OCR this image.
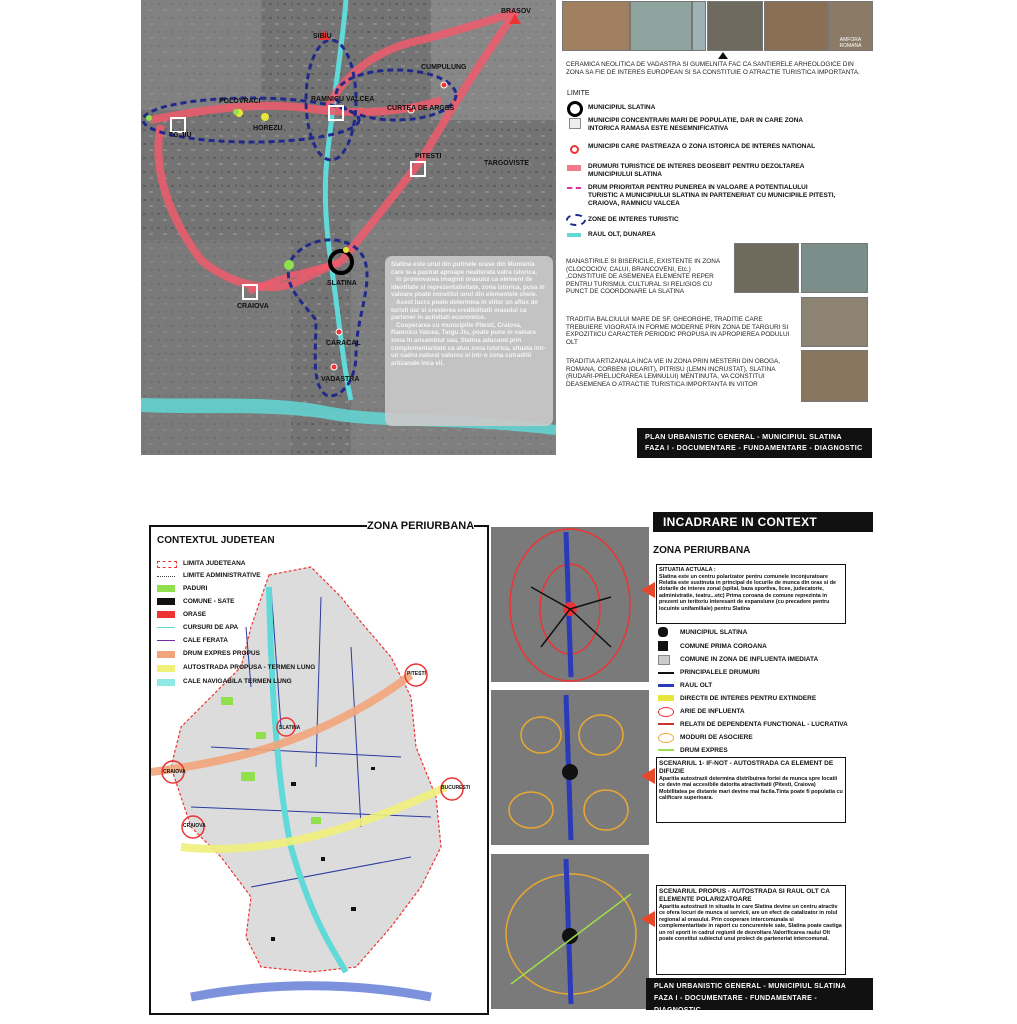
SIBIU
BRASOV
CUMPULUNG
RAMNICU VALCEA
CURTEA DE ARGES
POLOVRACI
HOREZU
TG.JIU
PITESTI
TARGOVISTE
SLATINA
CRAIOVA
CARACAL
VADASTRA
Slatina este unul din putinele orase din Muntenia care si-a pastrat aproape nealterata vatra istorica.
In promovarea imaginii orasului ca element de identitate si reprezentativitate, zona istorica, pusa in valoare poate constitui unul din elementele cheie.
Acest lucru poate determina in viitor un aflux de turisti dar si cresterea credibilitatii orasului ca partener in activitati economice.
Cooperarea cu municipiile Pitesti, Craiova, Ramnicu Valcea, Targu Jiu, poate pune in valoare zona in ansamblul sau, Slatina aducand prin complementaritate ca atuu zona istorica, situata intr-un cadru natural valoros si intr-o zona cutraditii artizanale inca vii.
AMFORA ROMANA
CERAMICA NEOLITICA DE VADASTRA SI GUMELNITA FAC CA SANTIERELE ARHEOLOGICE DIN ZONA SA FIE DE INTERES EUROPEAN SI SA CONSTITUIE O ATRACTIE TURISTICA IMPORTANTA.
LIMITE
MUNICIPIUL SLATINA
MUNICIPII CONCENTRARI MARI DE POPULATIE, DAR IN CARE ZONA INTORICA RAMASA ESTE NESEMNIFICATIVA
MUNICIPII CARE PASTREAZA O ZONA ISTORICA DE INTERES NATIONAL
DRUMURI TURISTICE DE INTERES DEOSEBIT PENTRU DEZOLTAREA MUNICIPIULUI SLATINA
DRUM PRIORITAR PENTRU PUNEREA IN VALOARE A POTENTIALULUI TURISTIC A MUNICIPIULUI SLATINA IN PARTENERIAT CU MUNICIPIILE PITESTI, CRAIOVA, RAMNICU VALCEA
ZONE DE INTERES TURISTIC
RAUL OLT, DUNAREA
MANASTIRILE SI BISERICILE, EXISTENTE IN ZONA (CLOCOCIOV, CALUI, BRANCOVENI, Etc.) ,CONSTITUIE DE ASEMENEA ELEMENTE REPER PENTRU TURISMUL CULTURAL SI RELIGIOS CU PUNCT DE COORDONARE LA SLATINA
TRADITIA BALCIULUI MARE DE SF. GHEORGHE, TRADITIE CARE TREBUIERE VIGORATA IN FORME MODERNE PRIN ZONA DE TARGURI SI EXPOZITIICU CARACTER PERIODIC PROPUSA IN APROPIEREA PODULUI OLT
TRADITIA ARTIZANALA INCA VIE IN ZONA PRIN MESTERII DIN OBOGA, ROMANA, CORBENI (OLARIT), PITRISU (LEMN INCRUSTAT), SLATINA (RUDARI-PRELUCRAREA LEMNULUI) MENTINUTA, VA CONSTITUI DEASEMENEA O ATRACTIE TURISTICA IMPORTANTA IN VIITOR
PLAN URBANISTIC GENERAL - MUNICIPIUL SLATINA
FAZA I - DOCUMENTARE - FUNDAMENTARE - DIAGNOSTIC
CONTEXTUL JUDETEAN
LIMITA JUDETEANA
LIMITE ADMINISTRATIVE
PADURI
COMUNE - SATE
ORASE
CURSURI DE APA
CALE FERATA
DRUM EXPRES PROPUS
AUTOSTRADA PROPUSA - TERMEN LUNG
CALE NAVIGABILA TERMEN LUNG
PITESTI
CRAIOVA
BUCURESTI
CRAIOVA
SLATINA
ZONA PERIURBANA	INCADRARE IN CONTEXT
ZONA PERIURBANA
SITUATIA ACTUALA :
Slatina este un centru polarizator pentru comunele inconjuratoare Relatia este sustinuta in principal de locurile de munca din oras si de dotarile de interes zonal (spital, baza sportiva, licee, judecatorie, administratie, teatru...etc) Prima coroana de comune reprezinta in prezent un teritoriu interesant de expansiune (cu precadere pentru locuinte unifamiliale) pentru Slatina
MUNICIPIUL SLATINA
COMUNE PRIMA COROANA
COMUNE IN ZONA DE INFLUENTA IMEDIATA
PRINCIPALELE DRUMURI
RAUL OLT
DIRECTII DE INTERES PENTRU EXTINDERE
ARIE DE INFLUENTA
RELATII DE DEPENDENTA FUNCTIONAL - LUCRATIVA
MODURI DE ASOCIERE
DRUM EXPRES
SCENARIUL 1- IF-NOT - AUTOSTRADA CA ELEMENT DE DIFUZIE
Aparitia autostrazii determina distribuirea fortei de munca spre locatii ce devin mai accesibile datorita atractivitatii (Pitesti, Craiova) Mobilitatea pe distante mari devine mai facila.Tinta poate fi populatia cu calificare superioara.
SCENARIUL PROPUS - AUTOSTRADA SI RAUL OLT CA ELEMENTE POLARIZATOARE
Aparitia autostrazii in situatia in care Slatina devine un centru atractiv ce ofera locuri de munca si servicii, are un efect de catalizator in rolul regional al orasului. Prin cooperare intercomunala si complementaritate in raport cu concurentele sale, Slatina poate castiga un rol sporit in cadrul regiunii de dezvoltare.Valorificarea raului Olt poate constitui subiectul unui proiect de parteneriat intercomunal.
PLAN URBANISTIC GENERAL - MUNICIPIUL SLATINA
FAZA I - DOCUMENTARE - FUNDAMENTARE - DIAGNOSTIC
